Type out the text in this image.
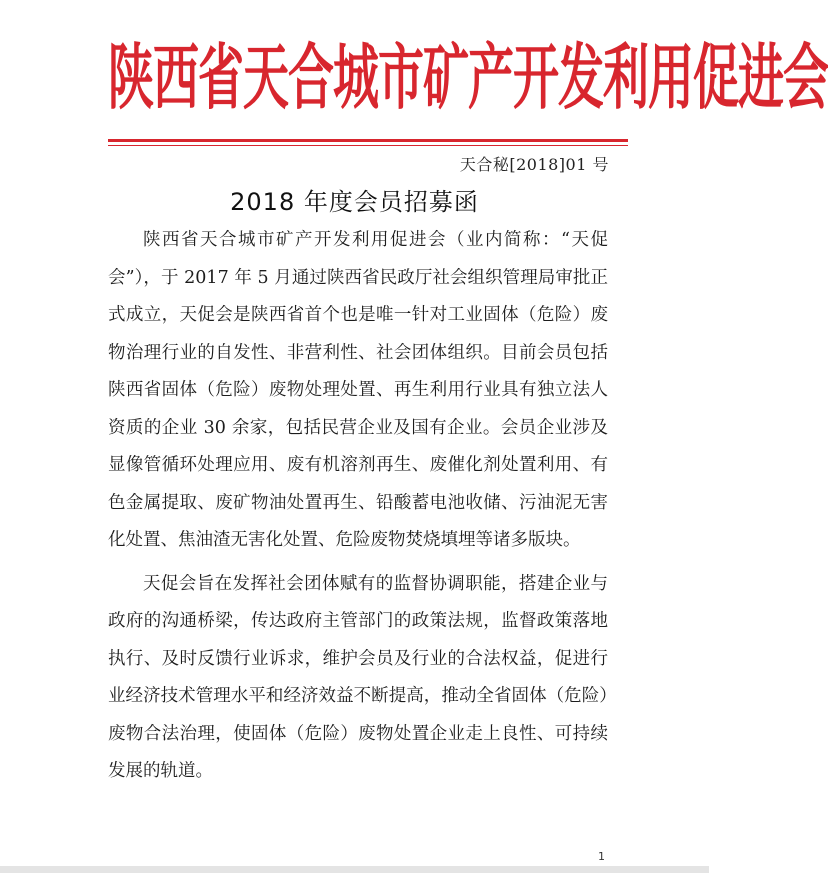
陕西省天合城市矿产开发利用促进会
天合秘[2018]01 号
2018 年度会员招募函

陕西省天合城市矿产开发利用促进会（业内简称：“天促会”），于 2017 年 5 月通过陕西省民政厅社会组织管理局审批正式成立，天促会是陕西省首个也是唯一针对工业固体（危险）废物治理行业的自发性、非营利性、社会团体组织。目前会员包括陕西省固体（危险）废物处理处置、再生利用行业具有独立法人资质的企业 30 余家，包括民营企业及国有企业。会员企业涉及显像管循环处理应用、废有机溶剂再生、废催化剂处置利用、有色金属提取、废矿物油处置再生、铅酸蓄电池收储、污油泥无害化处置、焦油渣无害化处置、危险废物焚烧填埋等诸多版块。

天促会旨在发挥社会团体赋有的监督协调职能，搭建企业与政府的沟通桥梁，传达政府主管部门的政策法规，监督政策落地执行、及时反馈行业诉求，维护会员及行业的合法权益，促进行业经济技术管理水平和经济效益不断提高，推动全省固体（危险）废物合法治理，使固体（危险）废物处置企业走上良性、可持续发展的轨道。

1
